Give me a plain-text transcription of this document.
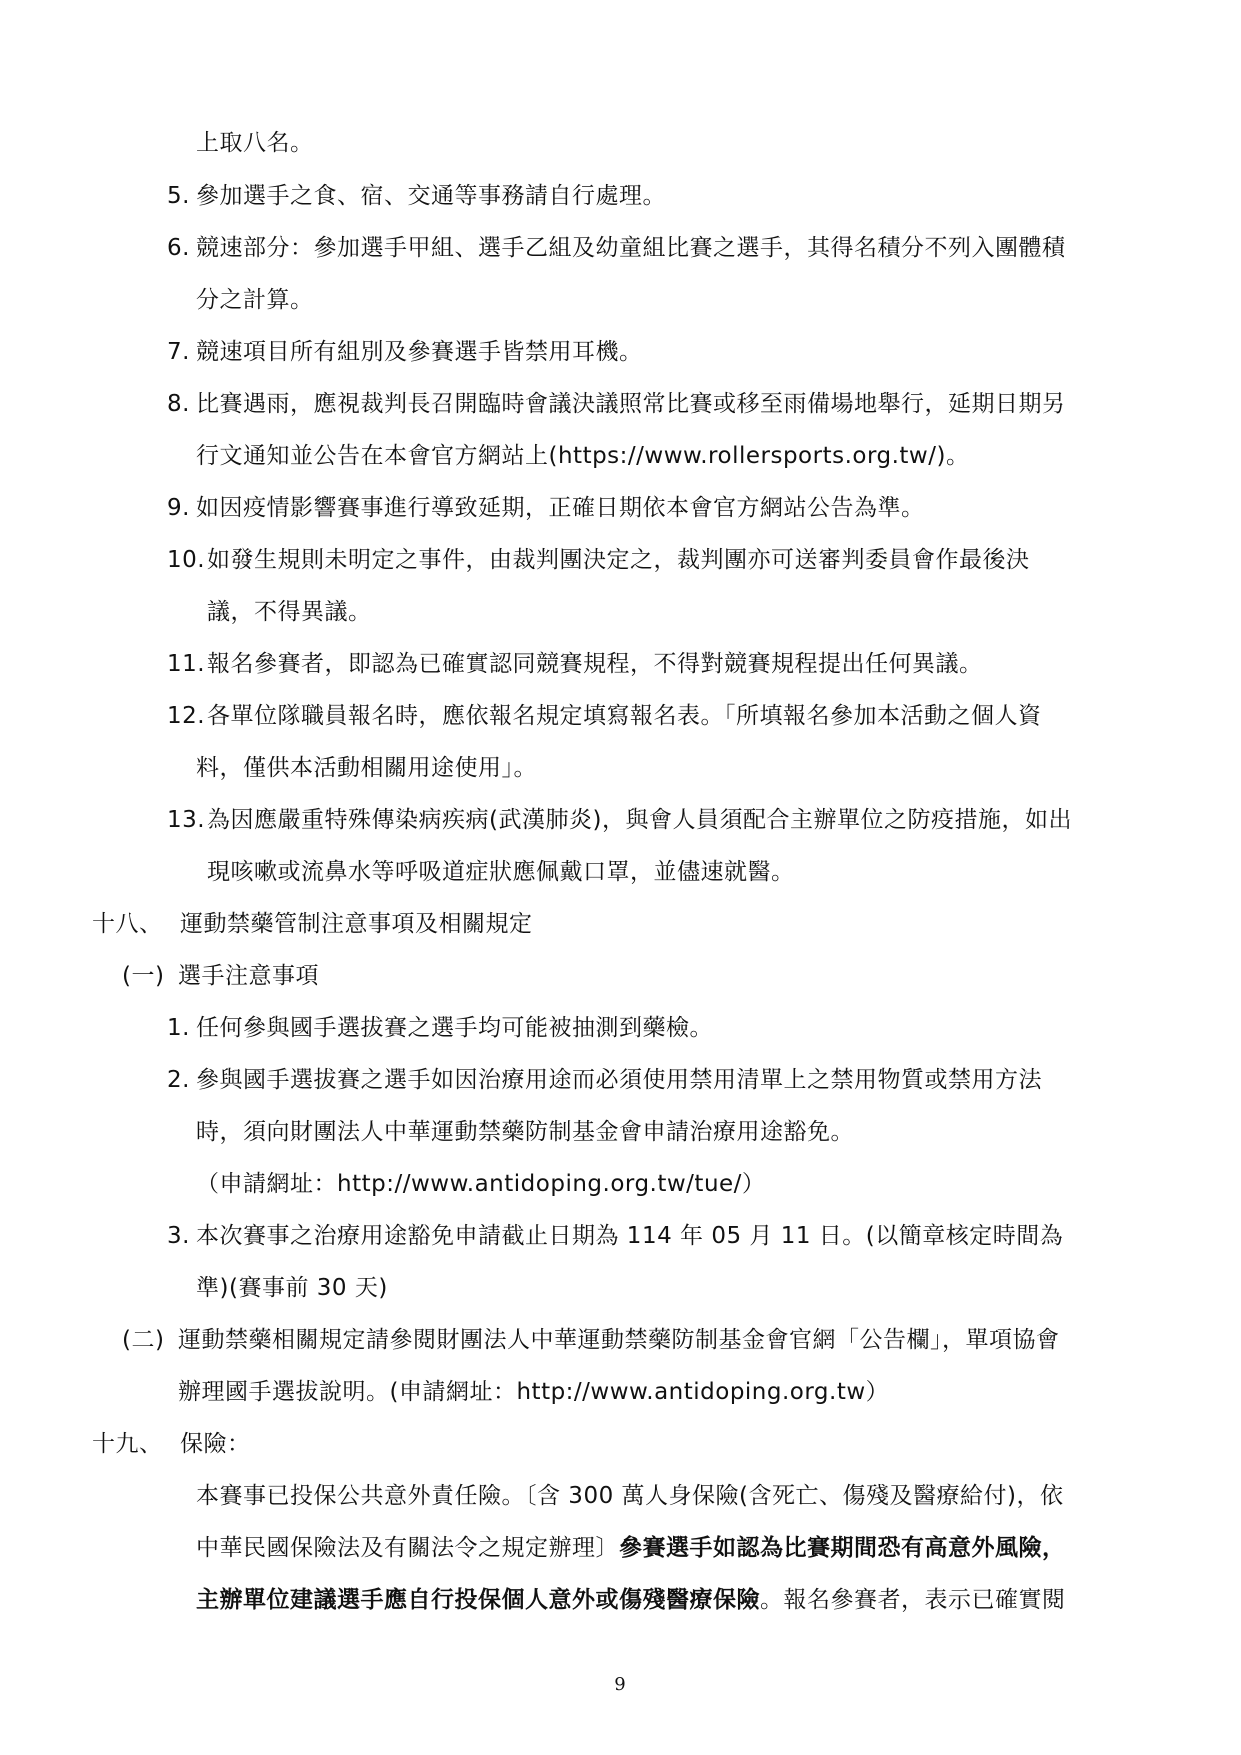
上取八名。
5. 參加選手之食、宿、交通等事務請自行處理。
6. 競速部分：參加選手甲組、選手乙組及幼童組比賽之選手，其得名積分不列入團體積
分之計算。
7. 競速項目所有組別及參賽選手皆禁用耳機。
8. 比賽遇雨，應視裁判長召開臨時會議決議照常比賽或移至雨備場地舉行，延期日期另
行文通知並公告在本會官方網站上(https://www.rollersports.org.tw/)。
9. 如因疫情影響賽事進行導致延期，正確日期依本會官方網站公告為準。
10.如發生規則未明定之事件，由裁判團決定之，裁判團亦可送審判委員會作最後決
議，不得異議。
11.報名參賽者，即認為已確實認同競賽規程，不得對競賽規程提出任何異議。
12.各單位隊職員報名時，應依報名規定填寫報名表。「所填報名參加本活動之個人資
料，僅供本活動相關用途使用」。
13.為因應嚴重特殊傳染病疾病(武漢肺炎)，與會人員須配合主辦單位之防疫措施，如出
現咳嗽或流鼻水等呼吸道症狀應佩戴口罩，並儘速就醫。
十八、 運動禁藥管制注意事項及相關規定
(一) 選手注意事項
1. 任何參與國手選拔賽之選手均可能被抽測到藥檢。
2. 參與國手選拔賽之選手如因治療用途而必須使用禁用清單上之禁用物質或禁用方法
時，須向財團法人中華運動禁藥防制基金會申請治療用途豁免。
（申請網址：http://www.antidoping.org.tw/tue/）
3. 本次賽事之治療用途豁免申請截止日期為 114 年 05 月 11 日。(以簡章核定時間為
準)(賽事前 30 天)
(二) 運動禁藥相關規定請參閱財團法人中華運動禁藥防制基金會官網「公告欄」，單項協會
辦理國手選拔說明。(申請網址：http://www.antidoping.org.tw）
十九、 保險：
本賽事已投保公共意外責任險。〔含 300 萬人身保險(含死亡、傷殘及醫療給付)，依
中華民國保險法及有關法令之規定辦理〕參賽選手如認為比賽期間恐有高意外風險，
主辦單位建議選手應自行投保個人意外或傷殘醫療保險。報名參賽者，表示已確實閱
9
